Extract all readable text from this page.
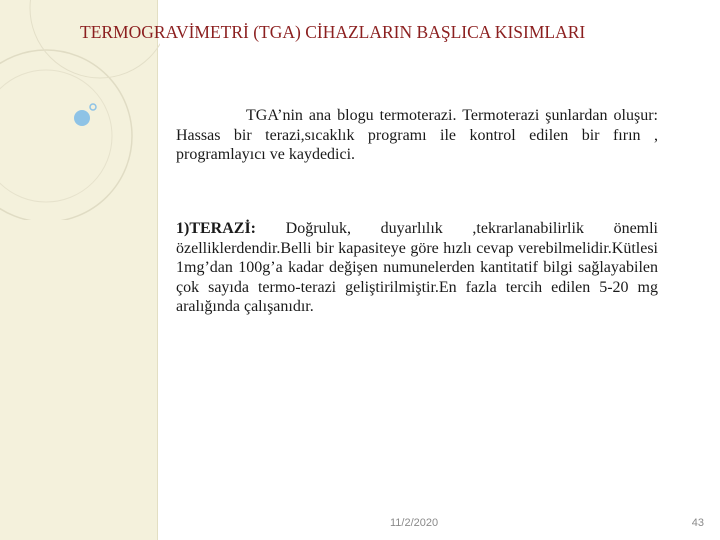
TERMOGRAVİMETRİ (TGA) CİHAZLARIN BAŞLICA KISIMLARI

TGA’nin ana blogu termoterazi. Termoterazi şunlardan oluşur: Hassas bir terazi,sıcaklık programı ile kontrol edilen bir fırın , programlayıcı ve kaydedici.

1)TERAZİ: Doğruluk, duyarlılık ,tekrarlanabilirlik önemli özelliklerdendir.Belli bir kapasiteye göre hızlı cevap verebilmelidir.Kütlesi 1mg’dan 100g’a kadar değişen numunelerden kantitatif bilgi sağlayabilen çok sayıda termo-terazi geliştirilmiştir.En fazla tercih edilen 5-20 mg aralığında çalışanıdır.

11/2/2020	43
